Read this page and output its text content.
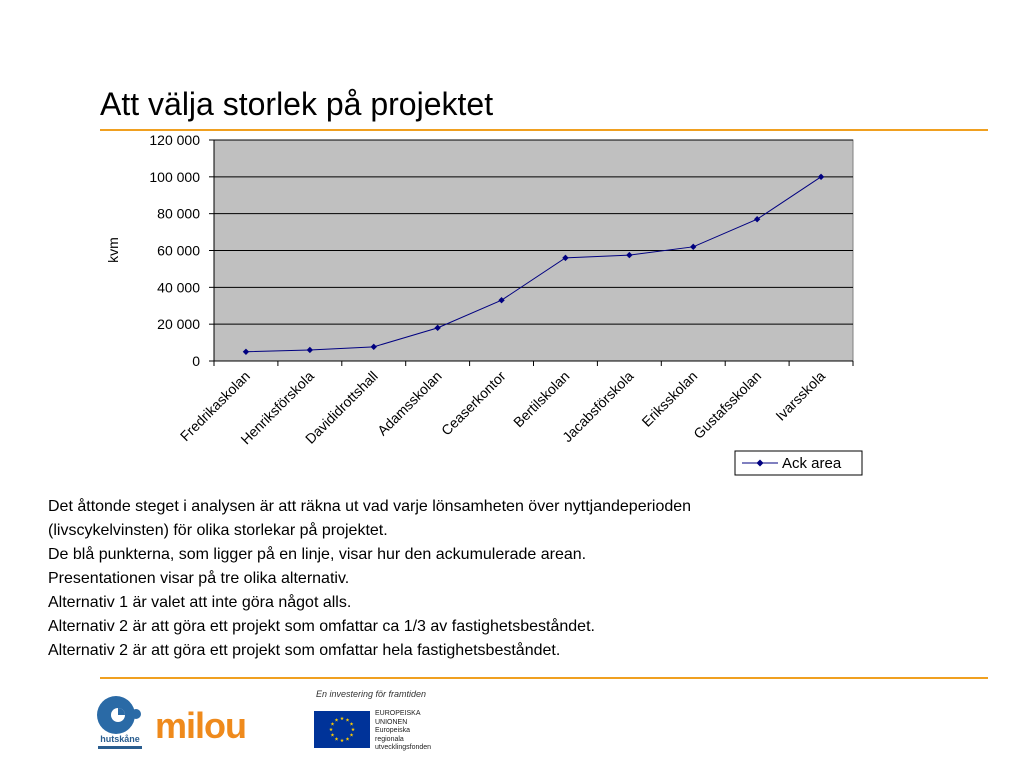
Att välja storlek på projektet
0
20 000
40 000
60 000
80 000
100 000
120 000
Fredrikaskolan
Henriksförskola
Davididrottshall
Adamsskolan
Ceaserkontor Bertilskolan
Jacabsförskola Eriksskolan
Gustafsskolan Ivarsskola
kvm
Ack area
Det åttonde steget i analysen är att räkna ut vad varje lönsamheten över nyttjandeperioden
(livscykelvinsten) för olika storlekar på projektet.
De blå punkterna, som ligger på en linje, visar hur den ackumulerade arean.
Presentationen visar på tre olika alternativ.
Alternativ 1 är valet att inte göra något alls.
Alternativ 2 är att göra ett projekt som omfattar ca 1/3 av fastighetsbeståndet.
Alternativ 2 är att göra ett projekt som omfattar hela fastighetsbeståndet.
hutskåne milou
En investering för framtiden
EUROPEISKA
UNIONEN
Europeiska
regionala
utvecklingsfonden
